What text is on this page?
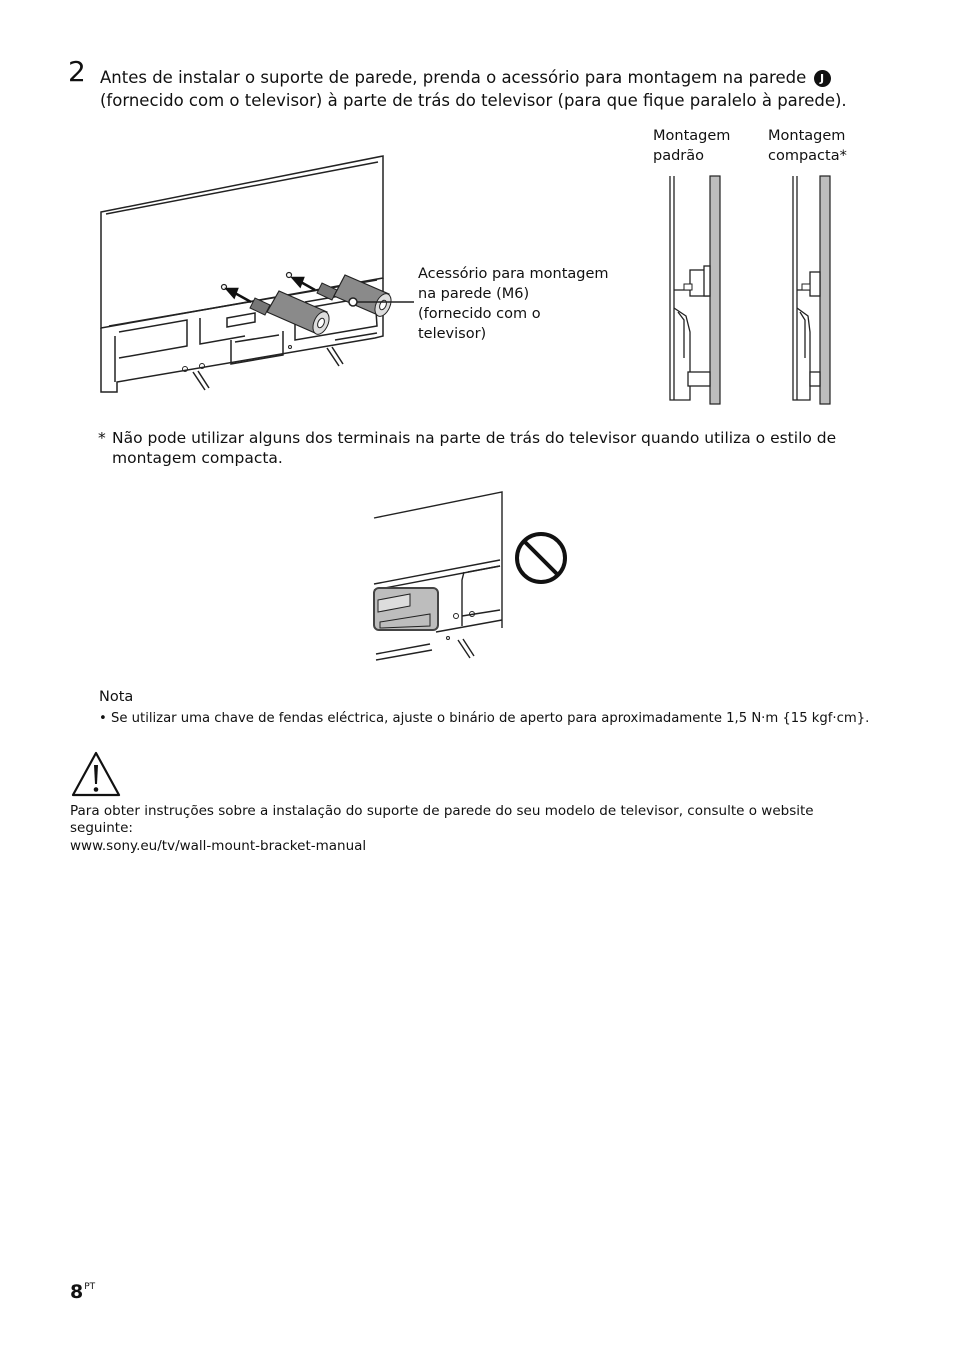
2 Antes de instalar o suporte de parede, prenda o acessório para montagem na parede J
(fornecido com o televisor) à parte de trás do televisor (para que fique paralelo à parede).
Acessório para montagem
na parede (M6)
(fornecido com o
televisor)
Montagem
padrão
Montagem
compacta*
* Não pode utilizar alguns dos terminais na parte de trás do televisor quando utiliza o estilo de montagem compacta.
Nota
• Se utilizar uma chave de fendas eléctrica, ajuste o binário de aperto para aproximadamente 1,5 N·m {15 kgf·cm}.
Para obter instruções sobre a instalação do suporte de parede do seu modelo de televisor, consulte o website seguinte:
www.sony.eu/tv/wall-mount-bracket-manual
$8^{PT}$
